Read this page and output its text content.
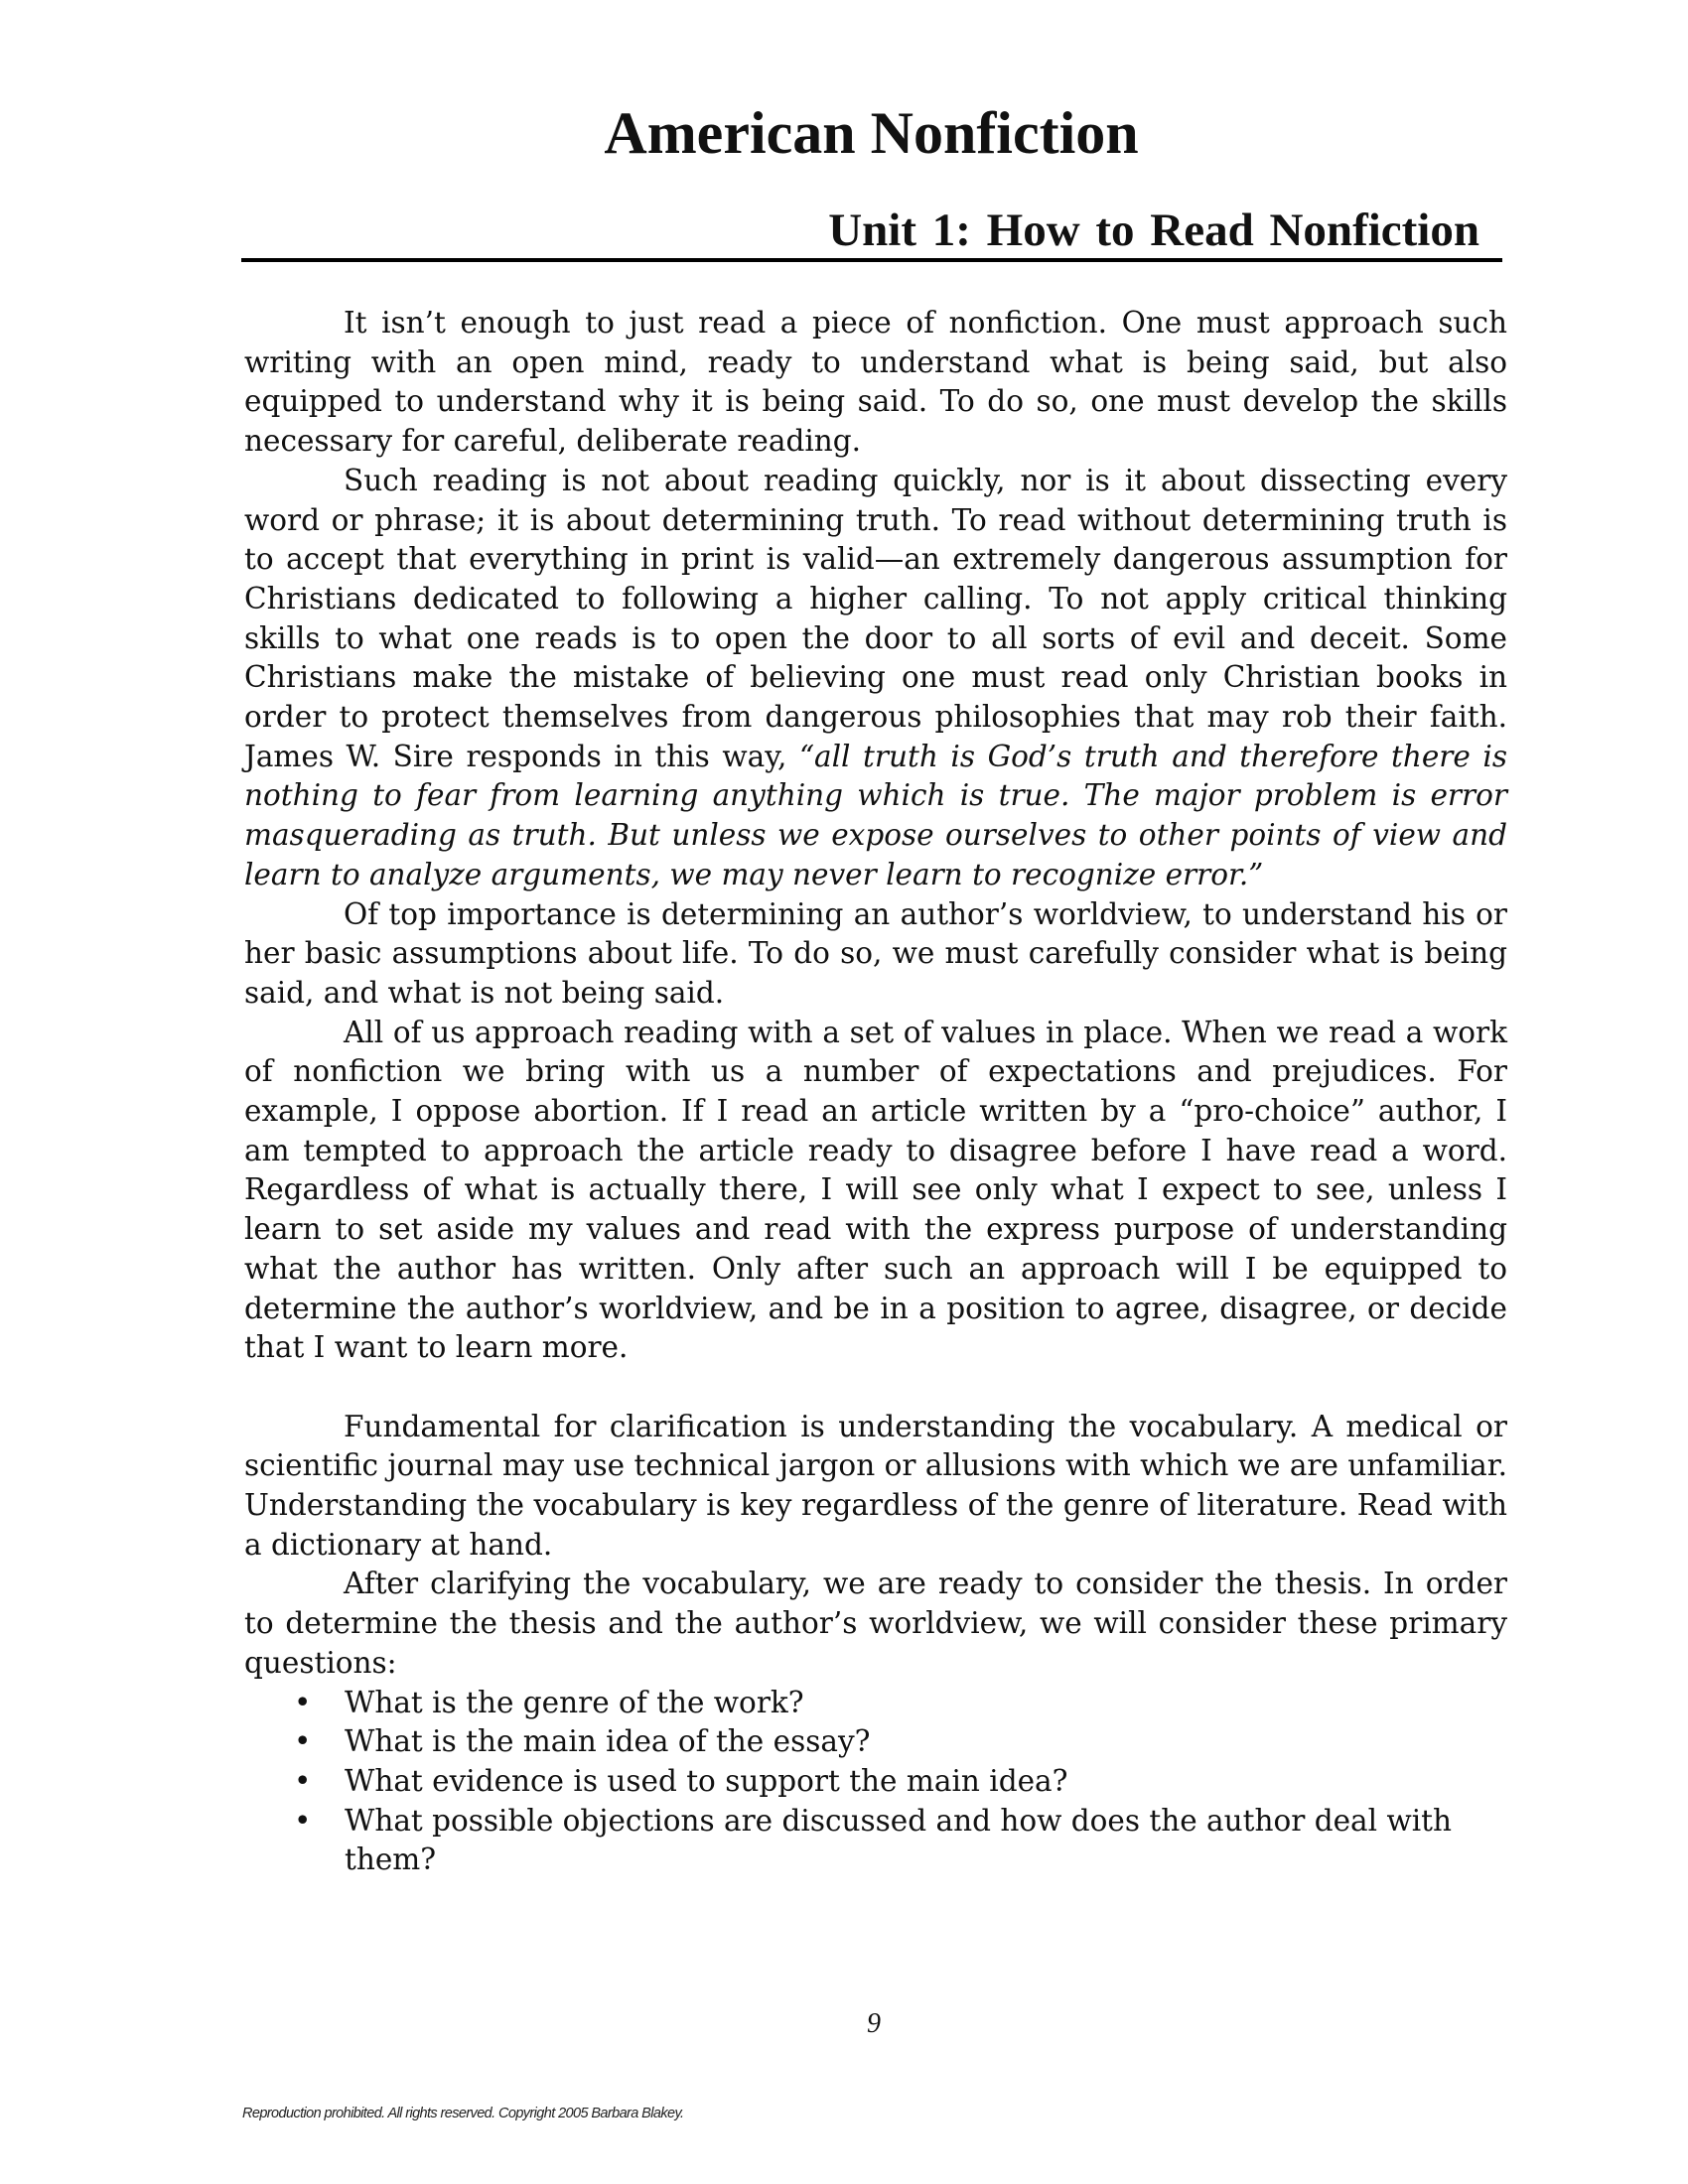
American Nonfiction
Unit 1: How to Read Nonfiction

It isn’t enough to just read a piece of nonfiction. One must approach such writing with an open mind, ready to understand what is being said, but also equipped to understand why it is being said. To do so, one must develop the skills necessary for careful, deliberate reading.

Such reading is not about reading quickly, nor is it about dissecting every word or phrase; it is about determining truth. To read without determining truth is to accept that everything in print is valid—an extremely dangerous assumption for Christians dedicated to following a higher calling. To not apply critical thinking skills to what one reads is to open the door to all sorts of evil and deceit. Some Christians make the mistake of believing one must read only Christian books in order to protect themselves from dangerous philosophies that may rob their faith. James W. Sire responds in this way, “all truth is God’s truth and therefore there is nothing to fear from learning anything which is true. The major problem is error masquerading as truth. But unless we expose ourselves to other points of view and learn to analyze arguments, we may never learn to recognize error.”

Of top importance is determining an author’s worldview, to understand his or her basic assumptions about life. To do so, we must carefully consider what is being said, and what is not being said.

All of us approach reading with a set of values in place. When we read a work of nonfiction we bring with us a number of expectations and prejudices. For example, I oppose abortion. If I read an article written by a “pro-choice” author, I am tempted to approach the article ready to disagree before I have read a word. Regardless of what is actually there, I will see only what I expect to see, unless I learn to set aside my values and read with the express purpose of understanding what the author has written. Only after such an approach will I be equipped to determine the author’s worldview, and be in a position to agree, disagree, or decide that I want to learn more.

Fundamental for clarification is understanding the vocabulary. A medical or scientific journal may use technical jargon or allusions with which we are unfamiliar. Understanding the vocabulary is key regardless of the genre of literature. Read with a dictionary at hand.

After clarifying the vocabulary, we are ready to consider the thesis. In order to determine the thesis and the author’s worldview, we will consider these primary questions:

• What is the genre of the work?
• What is the main idea of the essay?
• What evidence is used to support the main idea?
• What possible objections are discussed and how does the author deal with them?
9
Reproduction prohibited. All rights reserved. Copyright 2005 Barbara Blakey.
